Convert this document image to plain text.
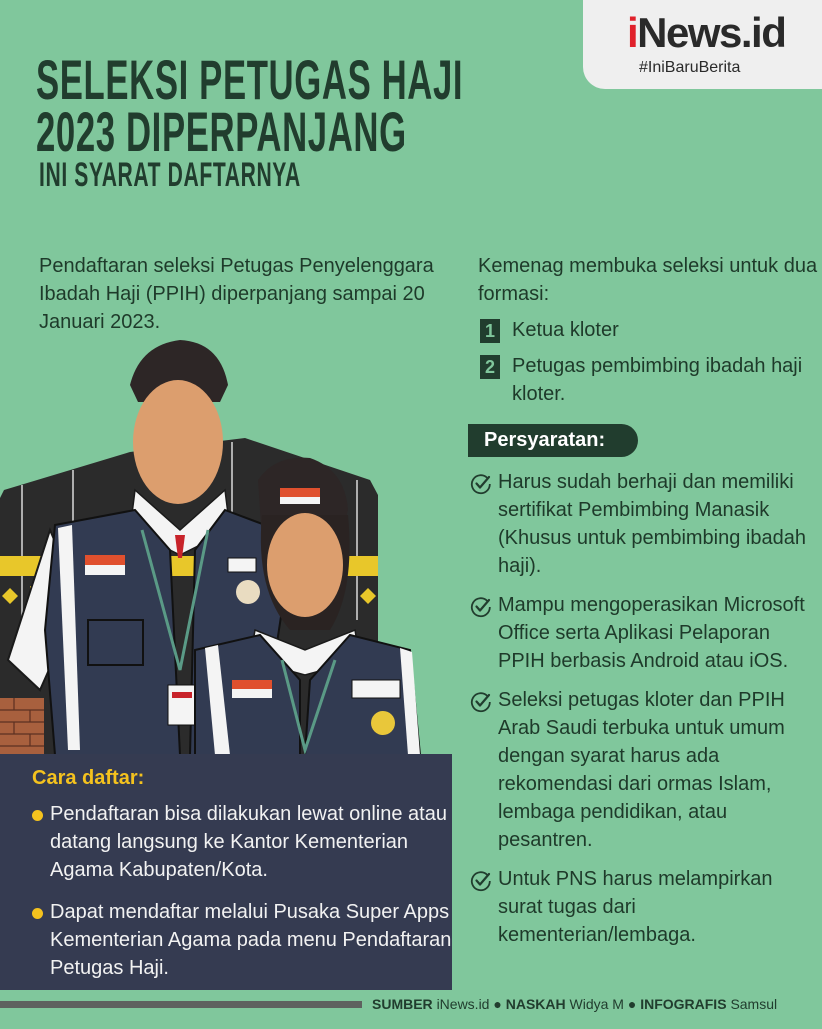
iNews.id
#IniBaruBerita
SELEKSI PETUGAS HAJI
2023 DIPERPANJANG
INI SYARAT DAFTARNYA
Pendaftaran seleksi Petugas Penyelenggara Ibadah Haji (PPIH) diperpanjang sampai 20 Januari 2023.
Kemenag membuka seleksi untuk dua formasi:
1 Ketua kloter
2 Petugas pembimbing ibadah haji kloter.
Persyaratan:
Harus sudah berhaji dan memiliki sertifikat Pembimbing Manasik (Khusus untuk pembimbing ibadah haji).
Mampu mengoperasikan Microsoft Office serta Aplikasi Pelaporan PPIH berbasis Android atau iOS.
Seleksi petugas kloter dan PPIH Arab Saudi terbuka untuk umum dengan syarat harus ada rekomendasi dari ormas Islam, lembaga pendidikan, atau pesantren.
Untuk PNS harus melampirkan surat tugas dari kementerian/lembaga.
Cara daftar:
Pendaftaran bisa dilakukan lewat online atau datang langsung ke Kantor Kementerian Agama Kabupaten/Kota.
Dapat mendaftar melalui Pusaka Super Apps Kementerian Agama pada menu Pendaftaran Petugas Haji.
SUMBER iNews.id ● NASKAH Widya M ● INFOGRAFIS Samsul
